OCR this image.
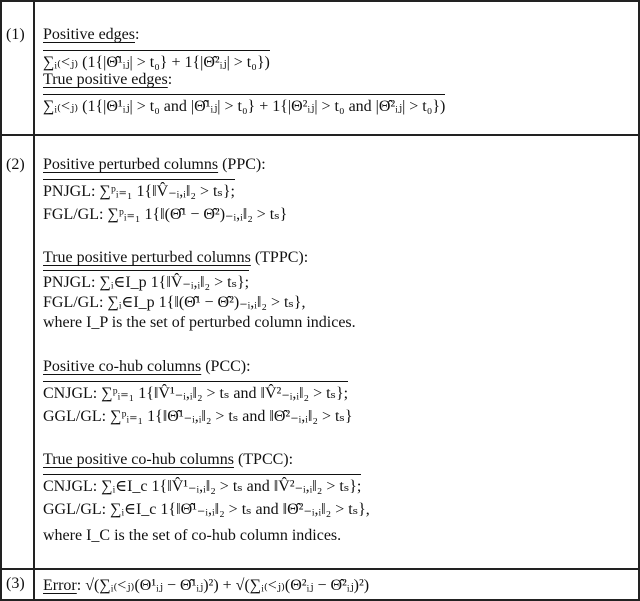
(1) Positive edges:
∑ᵢ₍<ⱼ₎ (1{|Θ̂¹ᵢⱼ| > t₀} + 1{|Θ̂²ᵢⱼ| > t₀})
True positive edges:
∑ᵢ₍<ⱼ₎ (1{|Θ¹ᵢⱼ| > t₀ and |Θ̂¹ᵢⱼ| > t₀} + 1{|Θ²ᵢⱼ| > t₀ and |Θ̂²ᵢⱼ| > t₀})
(2) Positive perturbed columns (PPC):
PNJGL: ∑ᵖᵢ₌₁ 1{‖V̂₋ᵢ,ᵢ‖₂ > tₛ};
FGL/GL: ∑ᵖᵢ₌₁ 1{‖(Θ̂¹ − Θ̂²)₋ᵢ,ᵢ‖₂ > tₛ}
True positive perturbed columns (TPPC):
PNJGL: ∑ᵢ∈I_p 1{‖V̂₋ᵢ,ᵢ‖₂ > tₛ};
FGL/GL: ∑ᵢ∈I_p 1{‖(Θ̂¹ − Θ̂²)₋ᵢ,ᵢ‖₂ > tₛ},
where I_P is the set of perturbed column indices.
Positive co-hub columns (PCC):
CNJGL: ∑ᵖᵢ₌₁ 1{‖V̂¹₋ᵢ,ᵢ‖₂ > tₛ and ‖V̂²₋ᵢ,ᵢ‖₂ > tₛ};
GGL/GL: ∑ᵖᵢ₌₁ 1{‖Θ̂¹₋ᵢ,ᵢ‖₂ > tₛ and ‖Θ̂²₋ᵢ,ᵢ‖₂ > tₛ}
True positive co-hub columns (TPCC):
CNJGL: ∑ᵢ∈I_c 1{‖V̂¹₋ᵢ,ᵢ‖₂ > tₛ and ‖V̂²₋ᵢ,ᵢ‖₂ > tₛ};
GGL/GL: ∑ᵢ∈I_c 1{‖Θ̂¹₋ᵢ,ᵢ‖₂ > tₛ and ‖Θ̂²₋ᵢ,ᵢ‖₂ > tₛ},
where I_C is the set of co-hub column indices.
(3) Error: √(∑ᵢ₍<ⱼ₎(Θ¹ᵢⱼ − Θ̂¹ᵢⱼ)²) + √(∑ᵢ₍<ⱼ₎(Θ²ᵢⱼ − Θ̂²ᵢⱼ)²)
